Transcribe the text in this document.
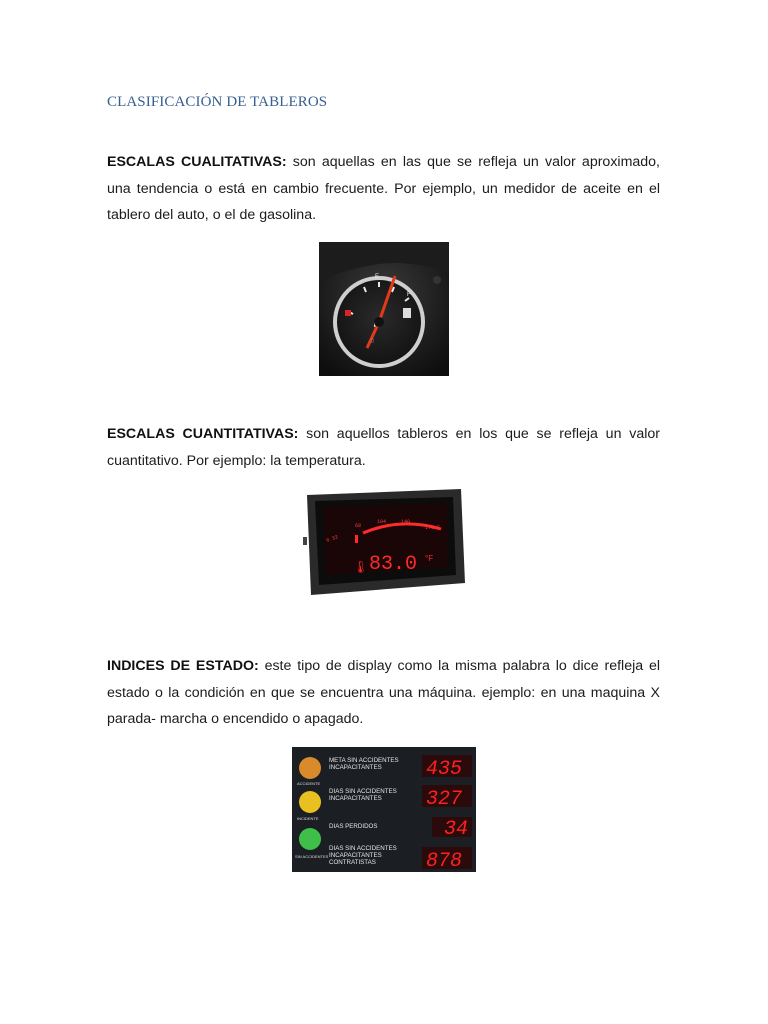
CLASIFICACIÓN DE TABLEROS

ESCALAS CUALITATIVAS: son aquellas en las que se refleja un valor aproximado, una tendencia o está en cambio frecuente. Por ejemplo, un medidor de aceite en el tablero del auto, o el de gasolina.

F
E
▯

ESCALAS CUANTITATIVAS: son aquellos tableros en los que se refleja un valor cuantitativo. Por ejemplo: la temperatura.

0 32
68
104	140
176 F
🌡 83.0 °F

INDICES DE ESTADO: este tipo de display como la misma palabra lo dice refleja el estado o la condición en que se encuentra una máquina. ejemplo: en una maquina X parada- marcha o encendido o apagado.

ACCIDENTE
INCIDENTE
SIN ACCIDENTES
META SIN ACCIDENTES
INCAPACITANTES
DIAS SIN ACCIDENTES
INCAPACITANTES
DIAS PERDIDOS
DIAS SIN ACCIDENTES
INCAPACITANTES
CONTRATISTAS
435
327
34
878
